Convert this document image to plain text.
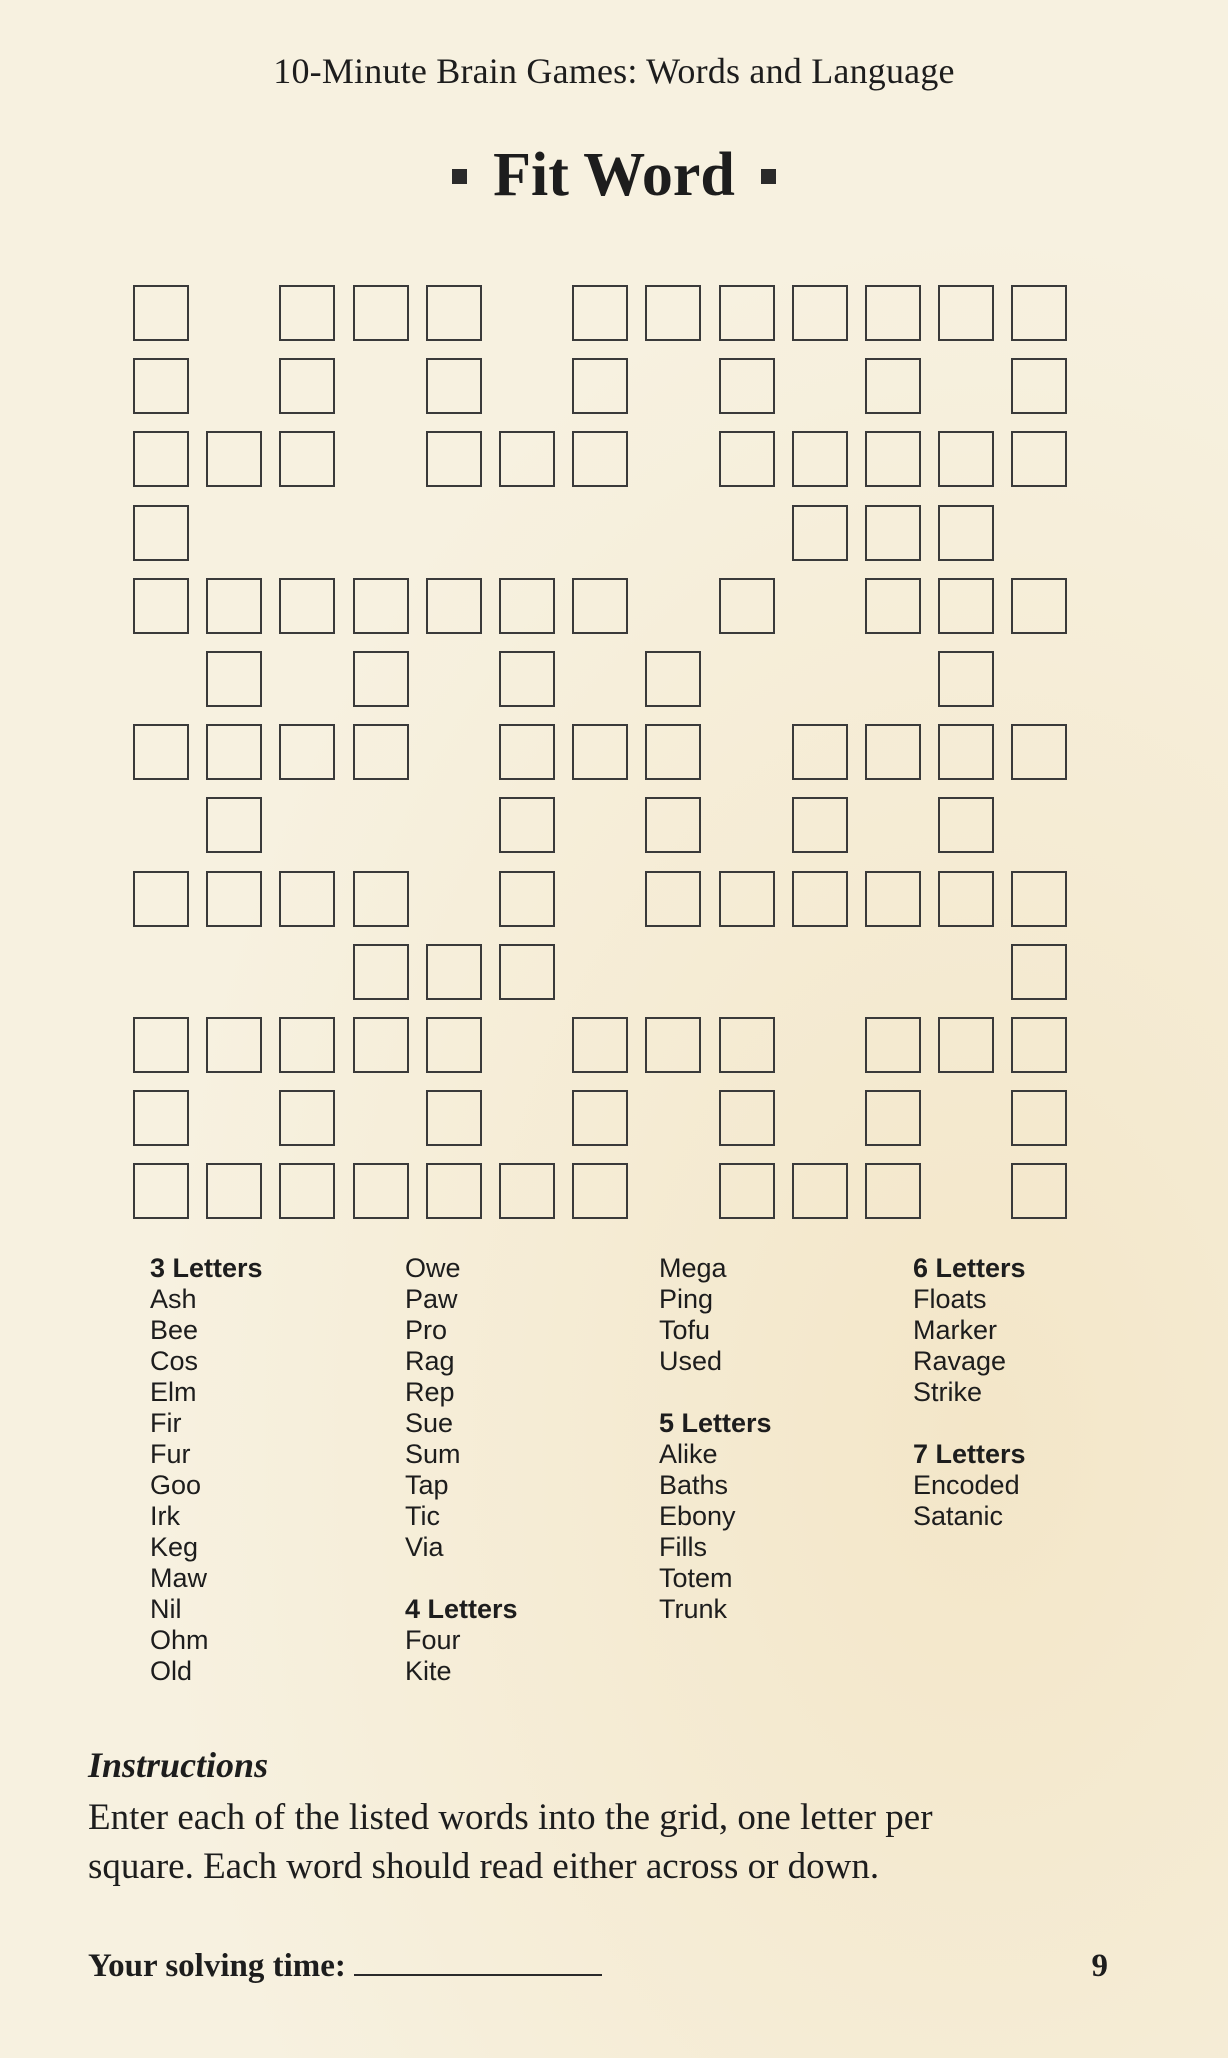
10-Minute Brain Games: Words and Language
Fit Word
3 Letters
Ash
Bee
Cos
Elm
Fir
Fur
Goo
Irk
Keg
Maw
Nil
Ohm
Old
Owe
Paw
Pro
Rag
Rep
Sue
Sum
Tap
Tic
Via
4 Letters
Four
Kite
Mega
Ping
Tofu
Used
5 Letters
Alike
Baths
Ebony
Fills
Totem
Trunk
6 Letters
Floats
Marker
Ravage
Strike
7 Letters
Encoded
Satanic
Instructions
Enter each of the listed words into the grid, one letter per
square. Each word should read either across or down.
Your solving time:	9
